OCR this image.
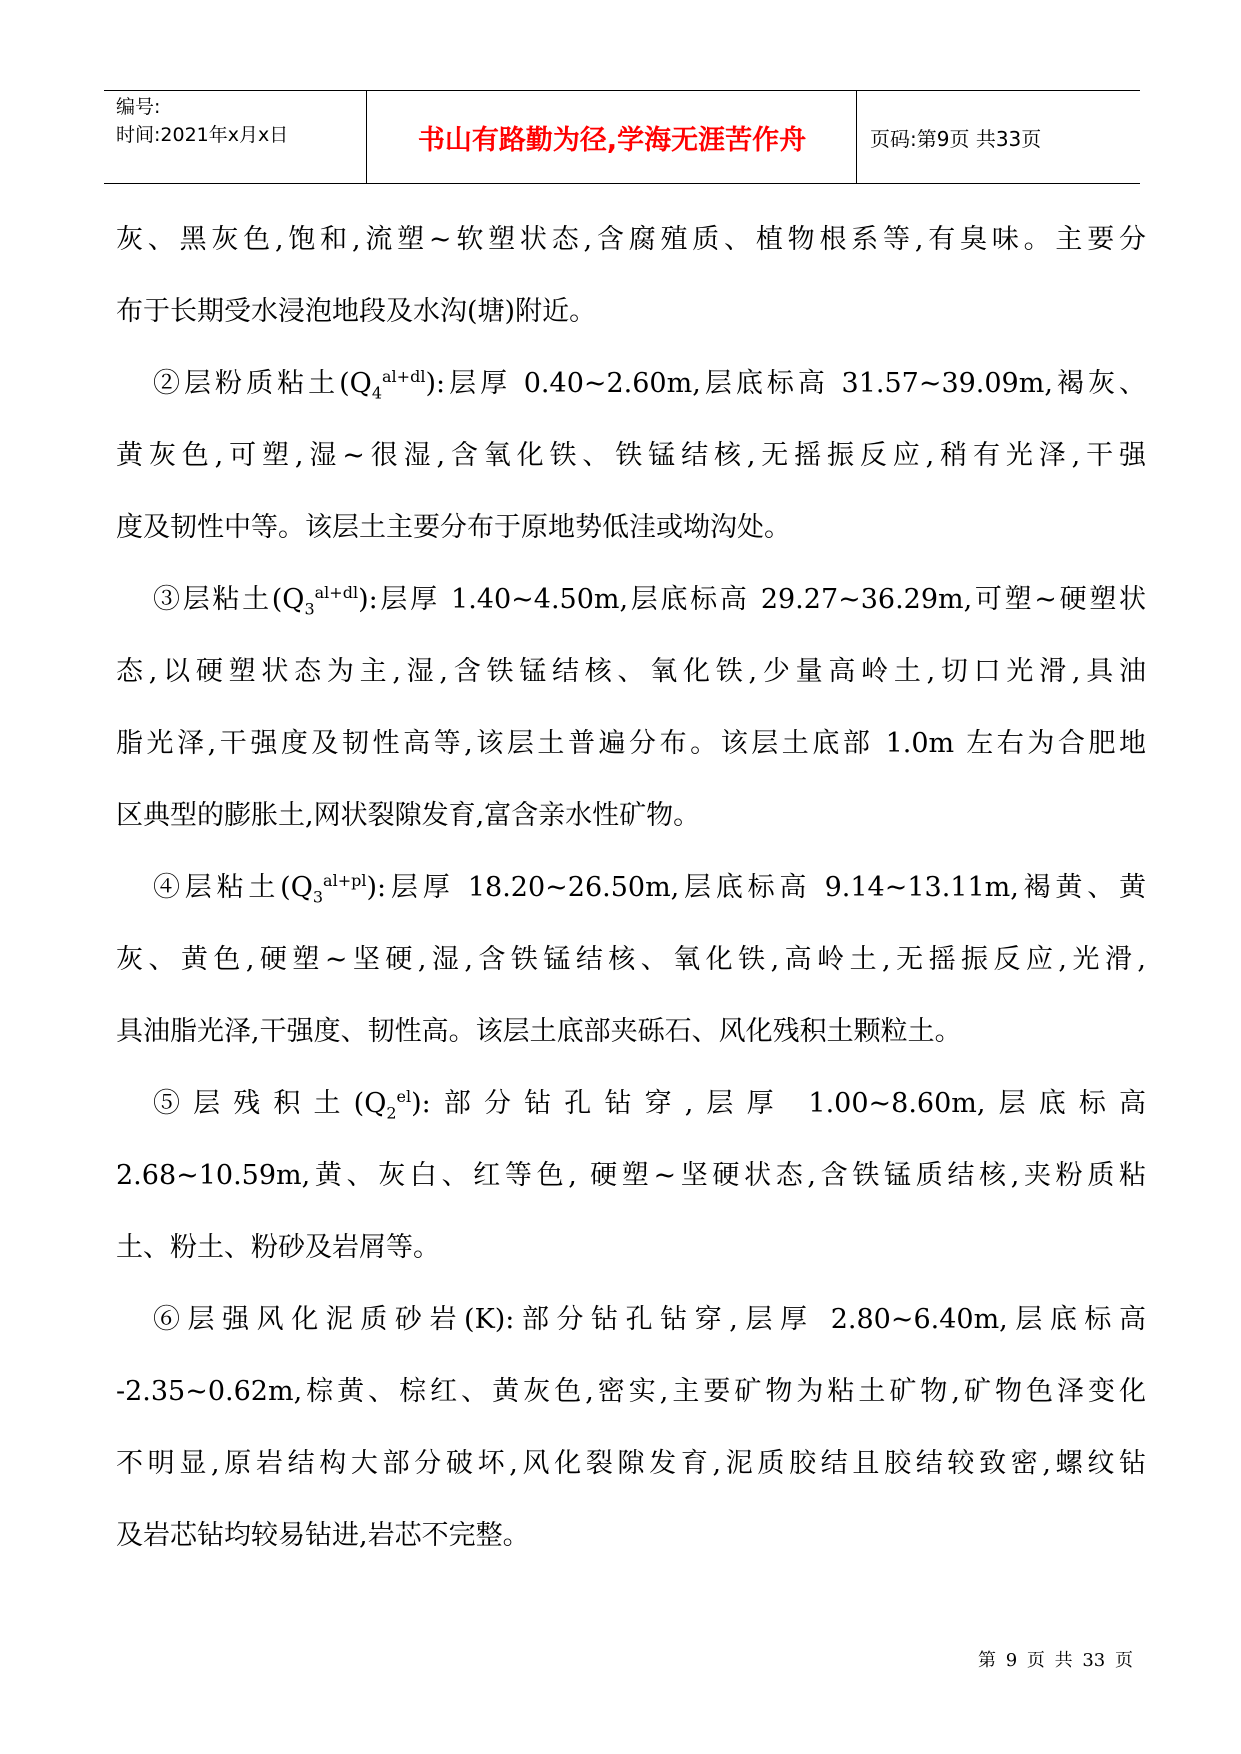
编号:
时间:2021年x月x日	书山有路勤为径,学海无涯苦作舟	页码:第9页 共33页
灰、黑灰色,饱和,流塑~软塑状态,含腐殖质、植物根系等,有臭味。主要分
布于长期受水浸泡地段及水沟(塘)附近。
②层粉质粘土$(Q_4^{al+dl})$:层厚 0.40~2.60m,层底标高 31.57~39.09m,褐灰、
黄灰色,可塑,湿~很湿,含氧化铁、铁锰结核,无摇振反应,稍有光泽,干强
度及韧性中等。该层土主要分布于原地势低洼或坳沟处。
③层粘土$(Q_3^{al+dl})$:层厚 1.40~4.50m,层底标高 29.27~36.29m,可塑~硬塑状
态,以硬塑状态为主,湿,含铁锰结核、氧化铁,少量高岭土,切口光滑,具油
脂光泽,干强度及韧性高等,该层土普遍分布。该层土底部 1.0m 左右为合肥地
区典型的膨胀土,网状裂隙发育,富含亲水性矿物。
④层粘土$(Q_3^{al+pl})$:层厚 18.20~26.50m,层底标高 9.14~13.11m,褐黄、黄
灰、黄色,硬塑~坚硬,湿,含铁锰结核、氧化铁,高岭土,无摇振反应,光滑,
具油脂光泽,干强度、韧性高。该层土底部夹砾石、风化残积土颗粒土。
⑤层残积土$(Q_2^{el})$:部分钻孔钻穿,层厚 1.00~8.60m,层底标高
2.68~10.59m,黄、灰白、红等色, 硬塑~坚硬状态,含铁锰质结核,夹粉质粘
土、粉土、粉砂及岩屑等。
⑥层强风化泥质砂岩(K):部分钻孔钻穿,层厚 2.80~6.40m,层底标高
-2.35~0.62m,棕黄、棕红、黄灰色,密实,主要矿物为粘土矿物,矿物色泽变化
不明显,原岩结构大部分破坏,风化裂隙发育,泥质胶结且胶结较致密,螺纹钻
及岩芯钻均较易钻进,岩芯不完整。
第 9 页 共 33 页
